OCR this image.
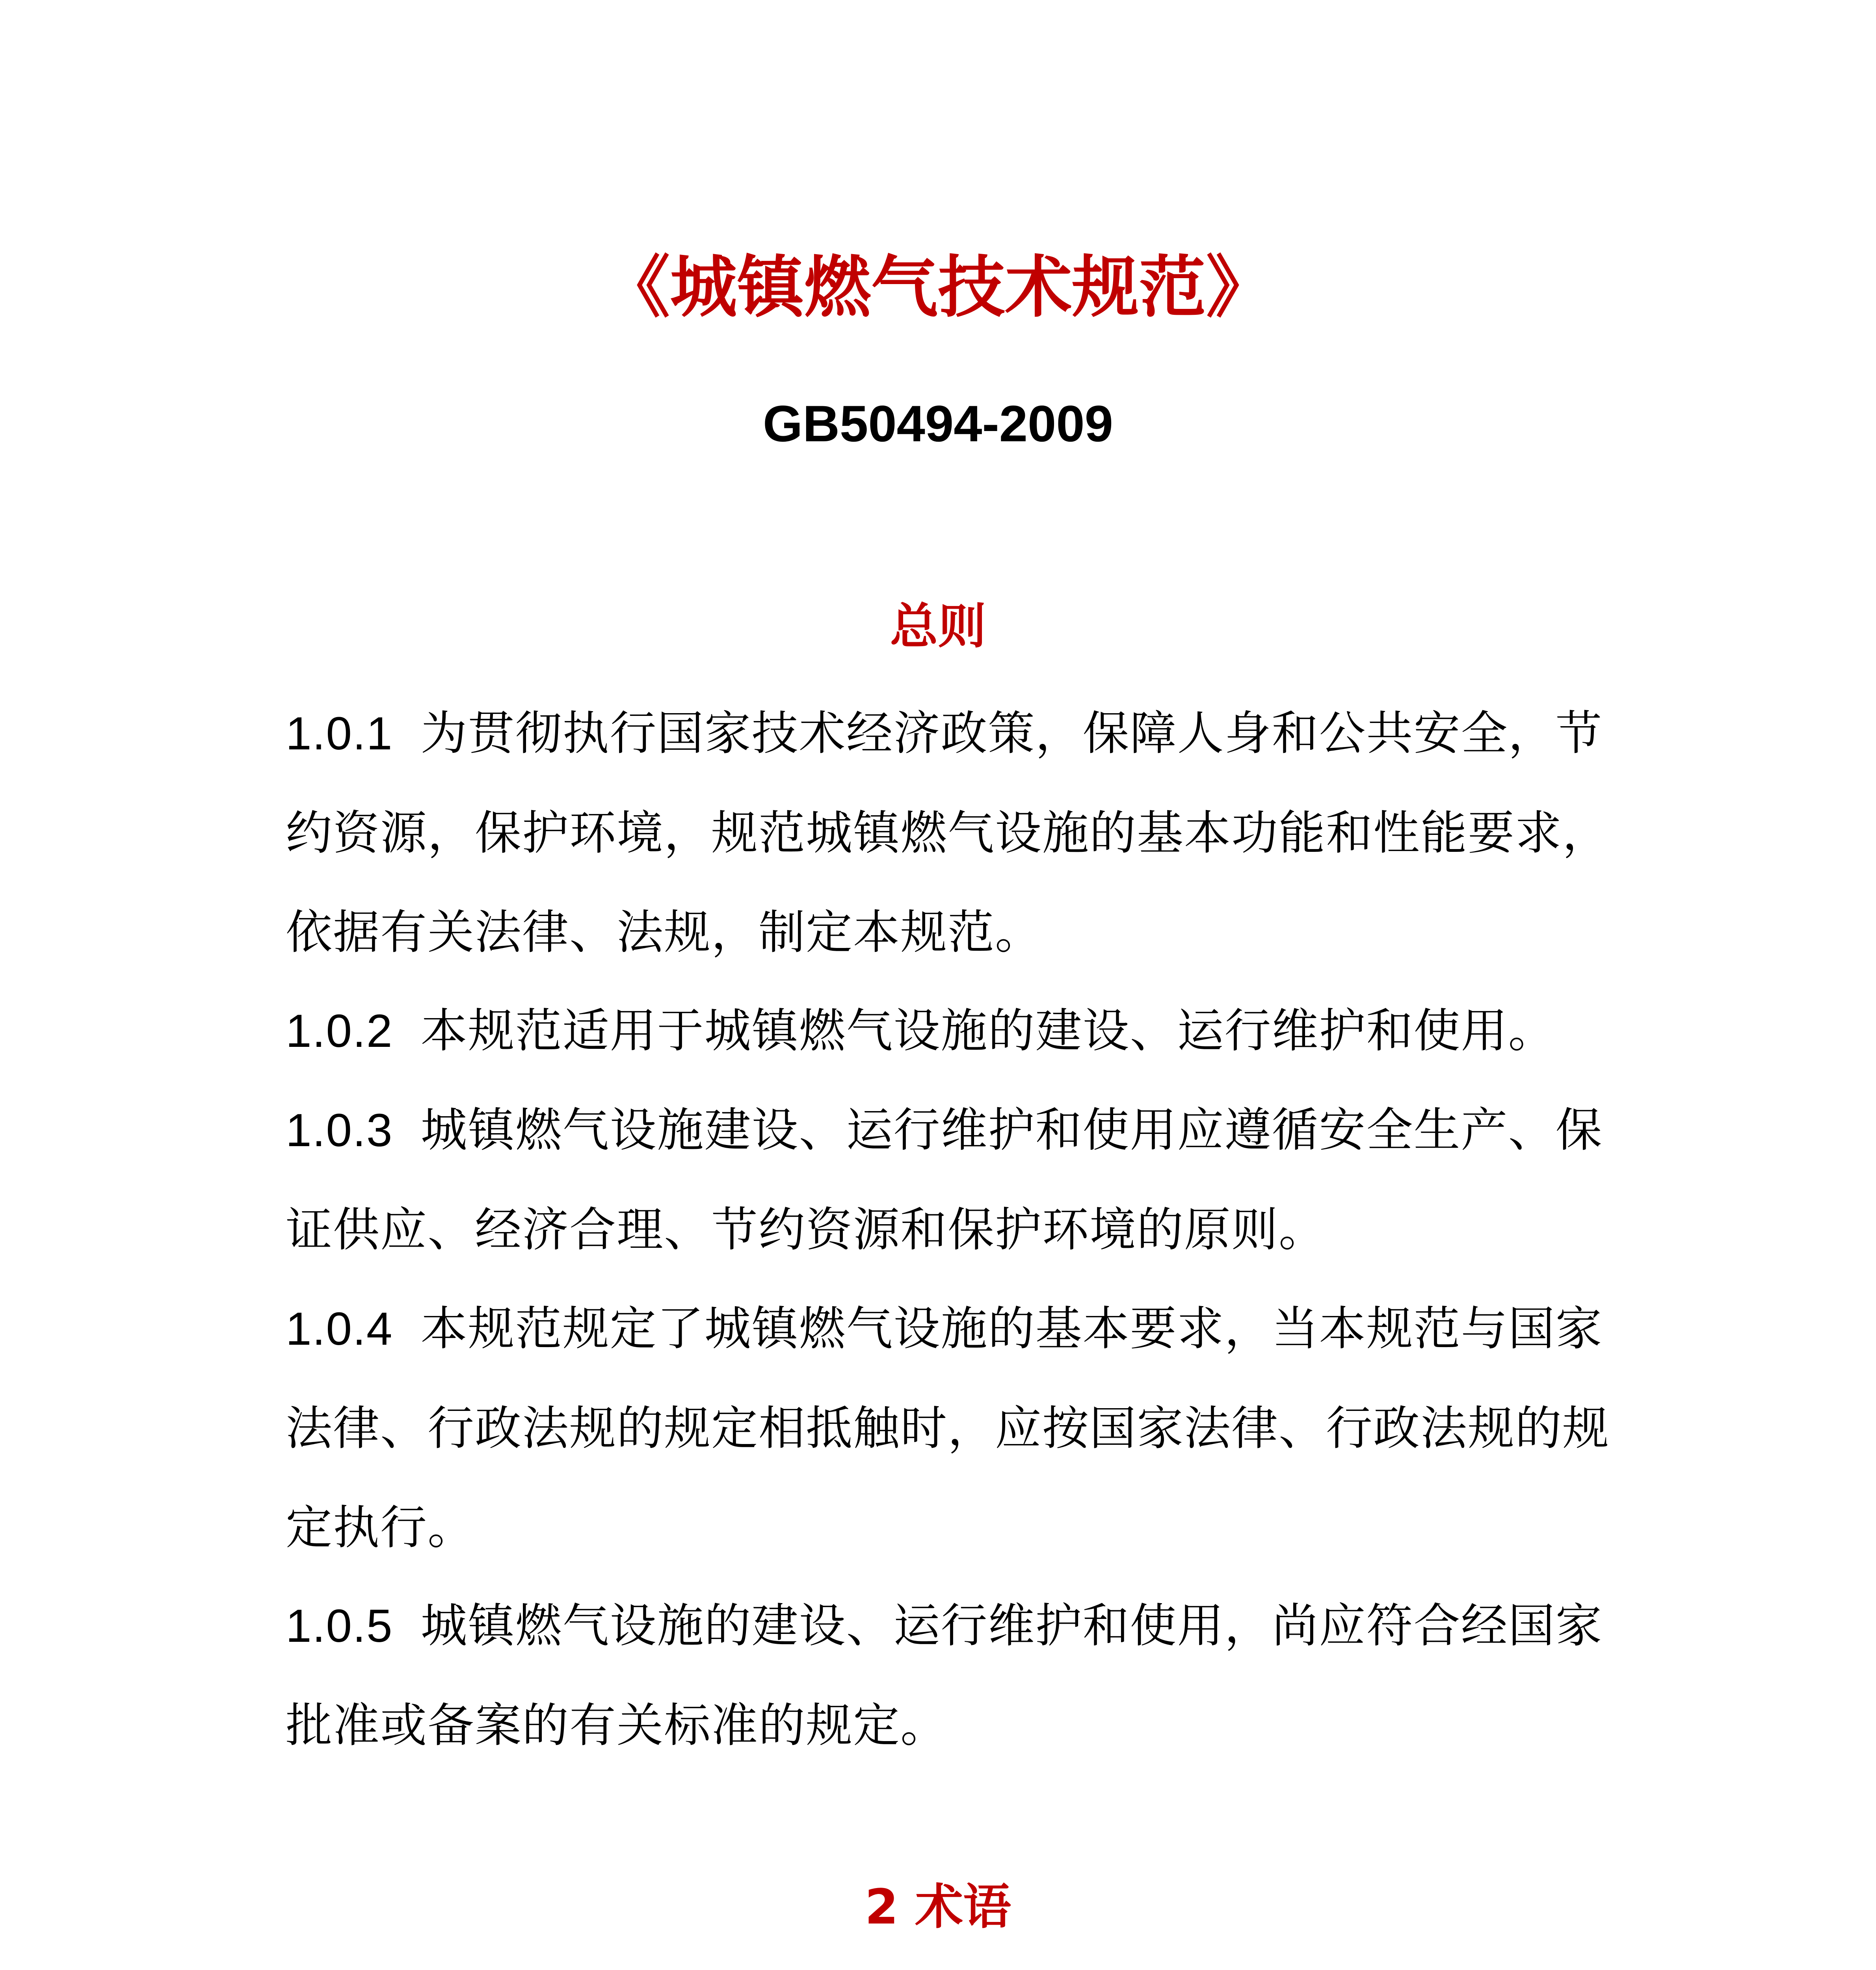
《城镇燃气技术规范》
GB50494-2009
总则

1.0.1 为贯彻执行国家技术经济政策，保障人身和公共安全，节约资源，保护环境，规范城镇燃气设施的基本功能和性能要求，依据有关法律、法规，制定本规范。

1.0.2 本规范适用于城镇燃气设施的建设、运行维护和使用。

1.0.3 城镇燃气设施建设、运行维护和使用应遵循安全生产、保证供应、经济合理、节约资源和保护环境的原则。

1.0.4 本规范规定了城镇燃气设施的基本要求，当本规范与国家法律、行政法规的规定相抵触时，应按国家法律、行政法规的规定执行。

1.0.5 城镇燃气设施的建设、运行维护和使用，尚应符合经国家批准或备案的有关标准的规定。

2 术语
